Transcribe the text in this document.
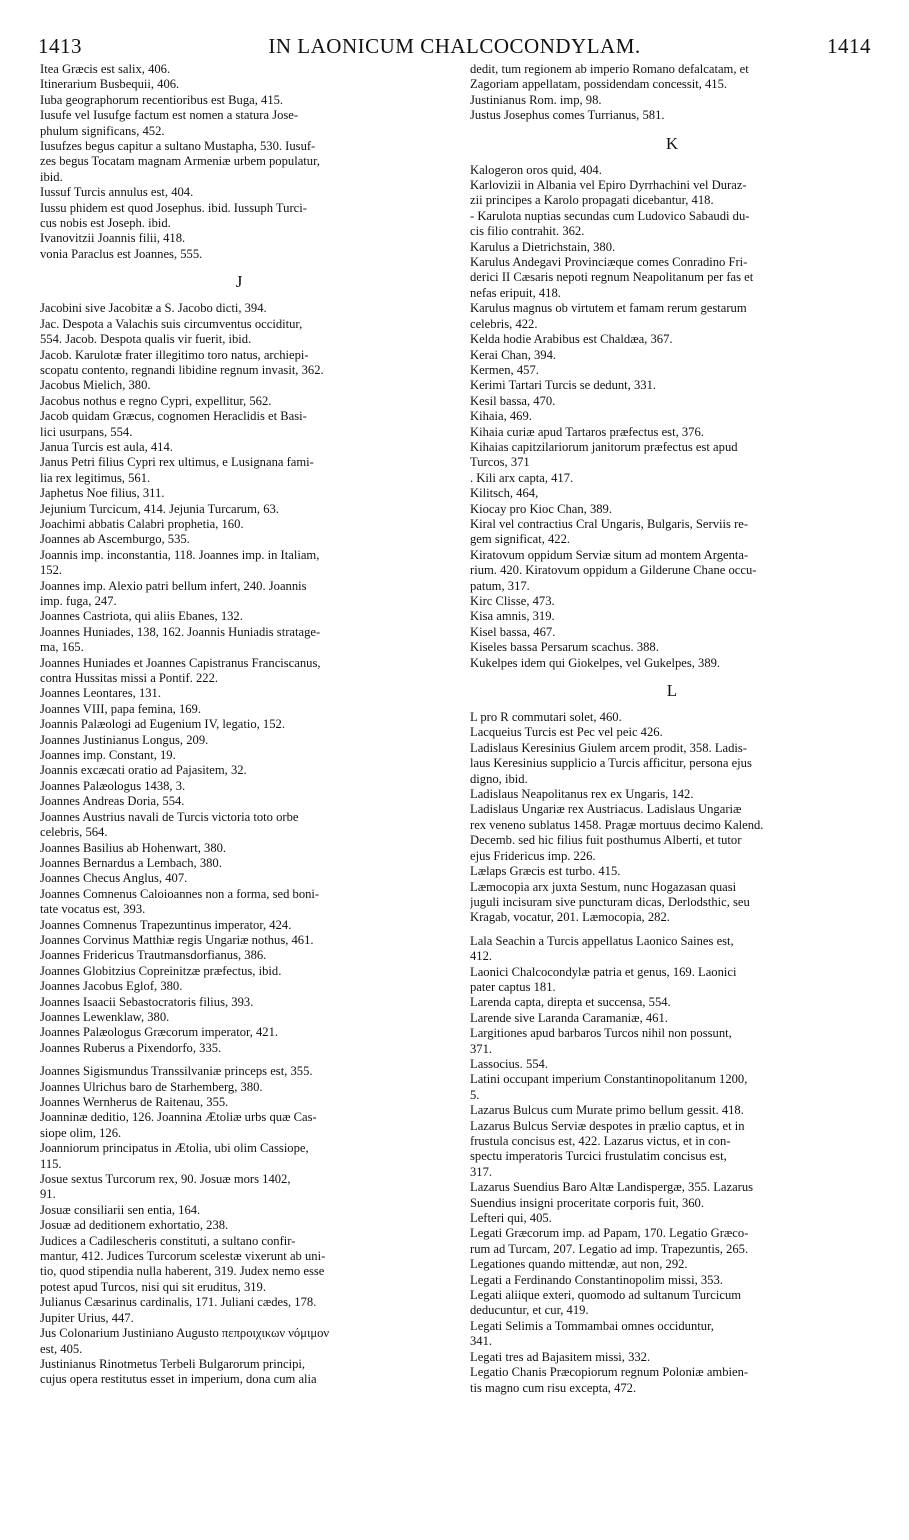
1413	IN LAONICUM CHALCOCONDYLAM.	1414
Itea Græcis est salix, 406.
Itinerarium Busbequii, 406.
Iuba geographorum recentioribus est Buga, 415.
Iusufe vel Iusufge factum est nomen a statura Jose-
phulum significans, 452.
Iusufzes begus capitur a sultano Mustapha, 530. Iusuf-
zes begus Tocatam magnam Armeniæ urbem populatur,
ibid.
Iussuf Turcis annulus est, 404.
Iussu phidem est quod Josephus. ibid. Iussuph Turci-
cus nobis est Joseph. ibid.
Ivanovitzii Joannis filii, 418.
vonia Paraclus est Joannes, 555.
J
Jacobini sive Jacobitæ a S. Jacobo dicti, 394.
Jac. Despota a Valachis suis circumventus occiditur,
554. Jacob. Despota qualis vir fuerit, ibid.
Jacob. Karulotæ frater illegitimo toro natus, archiepi-
scopatu contento, regnandi libidine regnum invasit, 362.
Jacobus Mielich, 380.
Jacobus nothus e regno Cypri, expellitur, 562.
Jacob quidam Græcus, cognomen Heraclidis et Basi-
lici usurpans, 554.
Janua Turcis est aula, 414.
Janus Petri filius Cypri rex ultimus, e Lusignana fami-
lia rex legitimus, 561.
Japhetus Noe filius, 311.
Jejunium Turcicum, 414. Jejunia Turcarum, 63.
Joachimi abbatis Calabri prophetia, 160.
Joannes ab Ascemburgo, 535.
Joannis imp. inconstantia, 118. Joannes imp. in Italiam,
152.
Joannes imp. Alexio patri bellum infert, 240. Joannis
imp. fuga, 247.
Joannes Castriota, qui aliis Ebanes, 132.
Joannes Huniades, 138, 162. Joannis Huniadis stratage-
ma, 165.
Joannes Huniades et Joannes Capistranus Franciscanus,
contra Hussitas missi a Pontif. 222.
Joannes Leontares, 131.
Joannes VIII, papa femina, 169.
Joannis Palæologi ad Eugenium IV, legatio, 152.
Joannes Justinianus Longus, 209.
Joannes imp. Constant, 19.
Joannis excæcati oratio ad Pajasitem, 32.
Joannes Palæologus 1438, 3.
Joannes Andreas Doria, 554.
Joannes Austrius navali de Turcis victoria toto orbe
celebris, 564.
Joannes Basilius ab Hohenwart, 380.
Joannes Bernardus a Lembach, 380.
Joannes Checus Anglus, 407.
Joannes Comnenus Caloioannes non a forma, sed boni-
tate vocatus est, 393.
Joannes Comnenus Trapezuntinus imperator, 424.
Joannes Corvinus Matthiæ regis Ungariæ nothus, 461.
Joannes Fridericus Trautmansdorfianus, 386.
Joannes Globitzius Copreinitzæ præfectus, ibid.
Joannes Jacobus Eglof, 380.
Joannes Isaacii Sebastocratoris filius, 393.
Joannes Lewenklaw, 380.
Joannes Palæologus Græcorum imperator, 421.
Joannes Ruberus a Pixendorfo, 335.
Joannes Sigismundus Transsilvaniæ princeps est, 355.
Joannes Ulrichus baro de Starhemberg, 380.
Joannes Wernherus de Raitenau, 355.
Joanninæ deditio, 126. Joannina Ætoliæ urbs quæ Cas-
siope olim, 126.
Joanniorum principatus in Ætolia, ubi olim Cassiope,
115.
Josue sextus Turcorum rex, 90. Josuæ mors 1402,
91.
Josuæ consiliarii sen entia, 164.
Josuæ ad deditionem exhortatio, 238.
Judices a Cadilescheris constituti, a sultano confir-
mantur, 412. Judices Turcorum scelestæ vixerunt ab uni-
tio, quod stipendia nulla haberent, 319. Judex nemo esse
potest apud Turcos, nisi qui sit eruditus, 319.
Julianus Cæsarinus cardinalis, 171. Juliani cædes, 178.
Jupiter Urius, 447.
Jus Colonarium Justiniano Augusto πεπροιχικων νόμιμον
est, 405.
Justinianus Rinotmetus Terbeli Bulgarorum principi,
cujus opera restitutus esset in imperium, dona cum alia
dedit, tum regionem ab imperio Romano defalcatam, et
Zagoriam appellatam, possidendam concessit, 415.
Justinianus Rom. imp, 98.
Justus Josephus comes Turrianus, 581.
K
Kalogeron oros quid, 404.
Karlovizii in Albania vel Epiro Dyrrhachini vel Duraz-
zii principes a Karolo propagati dicebantur, 418.
- Karulota nuptias secundas cum Ludovico Sabaudi du-
cis filio contrahit. 362.
Karulus a Dietrichstain, 380.
Karulus Andegavi Provinciæque comes Conradino Fri-
derici II Cæsaris nepoti regnum Neapolitanum per fas et
nefas eripuit, 418.
Karulus magnus ob virtutem et famam rerum gestarum
celebris, 422.
Kelda hodie Arabibus est Chaldæa, 367.
Kerai Chan, 394.
Kermen, 457.
Kerimi Tartari Turcis se dedunt, 331.
Kesil bassa, 470.
Kihaia, 469.
Kihaia curiæ apud Tartaros præfectus est, 376.
Kihaias capitzilariorum janitorum præfectus est apud
Turcos, 371
. Kili arx capta, 417.
Kilitsch, 464,
Kiocay pro Kioc Chan, 389.
Kiral vel contractius Cral Ungaris, Bulgaris, Serviis re-
gem significat, 422.
Kiratovum oppidum Serviæ situm ad montem Argenta-
rium. 420. Kiratovum oppidum a Gilderune Chane occu-
patum, 317.
Kirc Clisse, 473.
Kisa amnis, 319.
Kisel bassa, 467.
Kiseles bassa Persarum scachus. 388.
Kukelpes idem qui Giokelpes, vel Gukelpes, 389.
L
L pro R commutari solet, 460.
Lacqueius Turcis est Pec vel peic 426.
Ladislaus Keresinius Giulem arcem prodit, 358. Ladis-
laus Keresinius supplicio a Turcis afficitur, persona ejus
digno, ibid.
Ladislaus Neapolitanus rex ex Ungaris, 142.
Ladislaus Ungariæ rex Austriacus. Ladislaus Ungariæ
rex veneno sublatus 1458. Pragæ mortuus decimo Kalend.
Decemb. sed hic filius fuit posthumus Alberti, et tutor
ejus Fridericus imp. 226.
Lælaps Græcis est turbo. 415.
Læmocopia arx juxta Sestum, nunc Hogazasan quasi
juguli incisuram sive puncturam dicas, Derlodsthic, seu
Kragab, vocatur, 201. Læmocopia, 282.
Lala Seachin a Turcis appellatus Laonico Saines est,
412.
Laonici Chalcocondylæ patria et genus, 169. Laonici
pater captus 181.
Larenda capta, direpta et succensa, 554.
Larende sive Laranda Caramaniæ, 461.
Largitiones apud barbaros Turcos nihil non possunt,
371.
Lassocius. 554.
Latini occupant imperium Constantinopolitanum 1200,
5.
Lazarus Bulcus cum Murate primo bellum gessit. 418.
Lazarus Bulcus Serviæ despotes in prælio captus, et in
frustula concisus est, 422. Lazarus victus, et in con-
spectu imperatoris Turcici frustulatim concisus est,
317.
Lazarus Suendius Baro Altæ Landispergæ, 355. Lazarus
Suendius insigni proceritate corporis fuit, 360.
Lefteri qui, 405.
Legati Græcorum imp. ad Papam, 170. Legatio Græco-
rum ad Turcam, 207. Legatio ad imp. Trapezuntis, 265.
Legationes quando mittendæ, aut non, 292.
Legati a Ferdinando Constantinopolim missi, 353.
Legati aliique exteri, quomodo ad sultanum Turcicum
deducuntur, et cur, 419.
Legati Selimis a Tommambai omnes occiduntur,
341.
Legati tres ad Bajasitem missi, 332.
Legatio Chanis Præcopiorum regnum Poloniæ ambien-
tis magno cum risu excepta, 472.
